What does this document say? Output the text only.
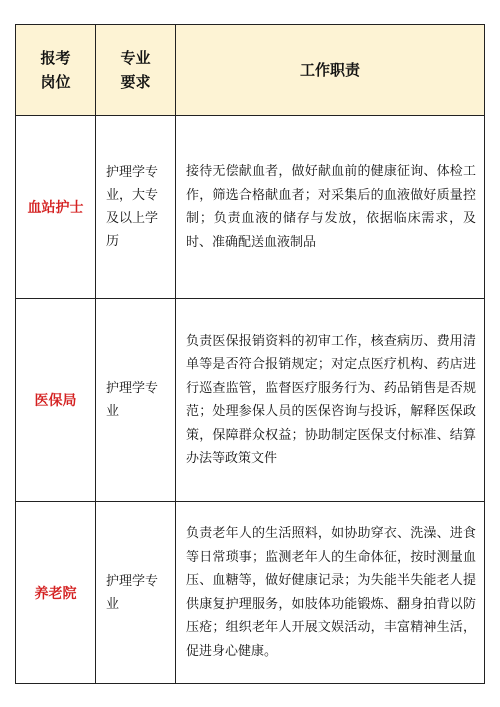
报考
岗位
专业
要求
工作职责
血站护士
护理学专业，大专及以上学历
接待无偿献血者，做好献血前的健康征询、体检工作，筛选合格献血者；对采集后的血液做好质量控制；负责血液的储存与发放，依据临床需求，及时、准确配送血液制品
医保局
护理学专业
负责医保报销资料的初审工作，核查病历、费用清单等是否符合报销规定；对定点医疗机构、药店进行巡查监管，监督医疗服务行为、药品销售是否规范；处理参保人员的医保咨询与投诉，解释医保政策，保障群众权益；协助制定医保支付标准、结算办法等政策文件
养老院
护理学专业
负责老年人的生活照料，如协助穿衣、洗澡、进食等日常琐事；监测老年人的生命体征，按时测量血压、血糖等，做好健康记录；为失能半失能老人提供康复护理服务，如肢体功能锻炼、翻身拍背以防压疮；组织老年人开展文娱活动，丰富精神生活，促进身心健康。
